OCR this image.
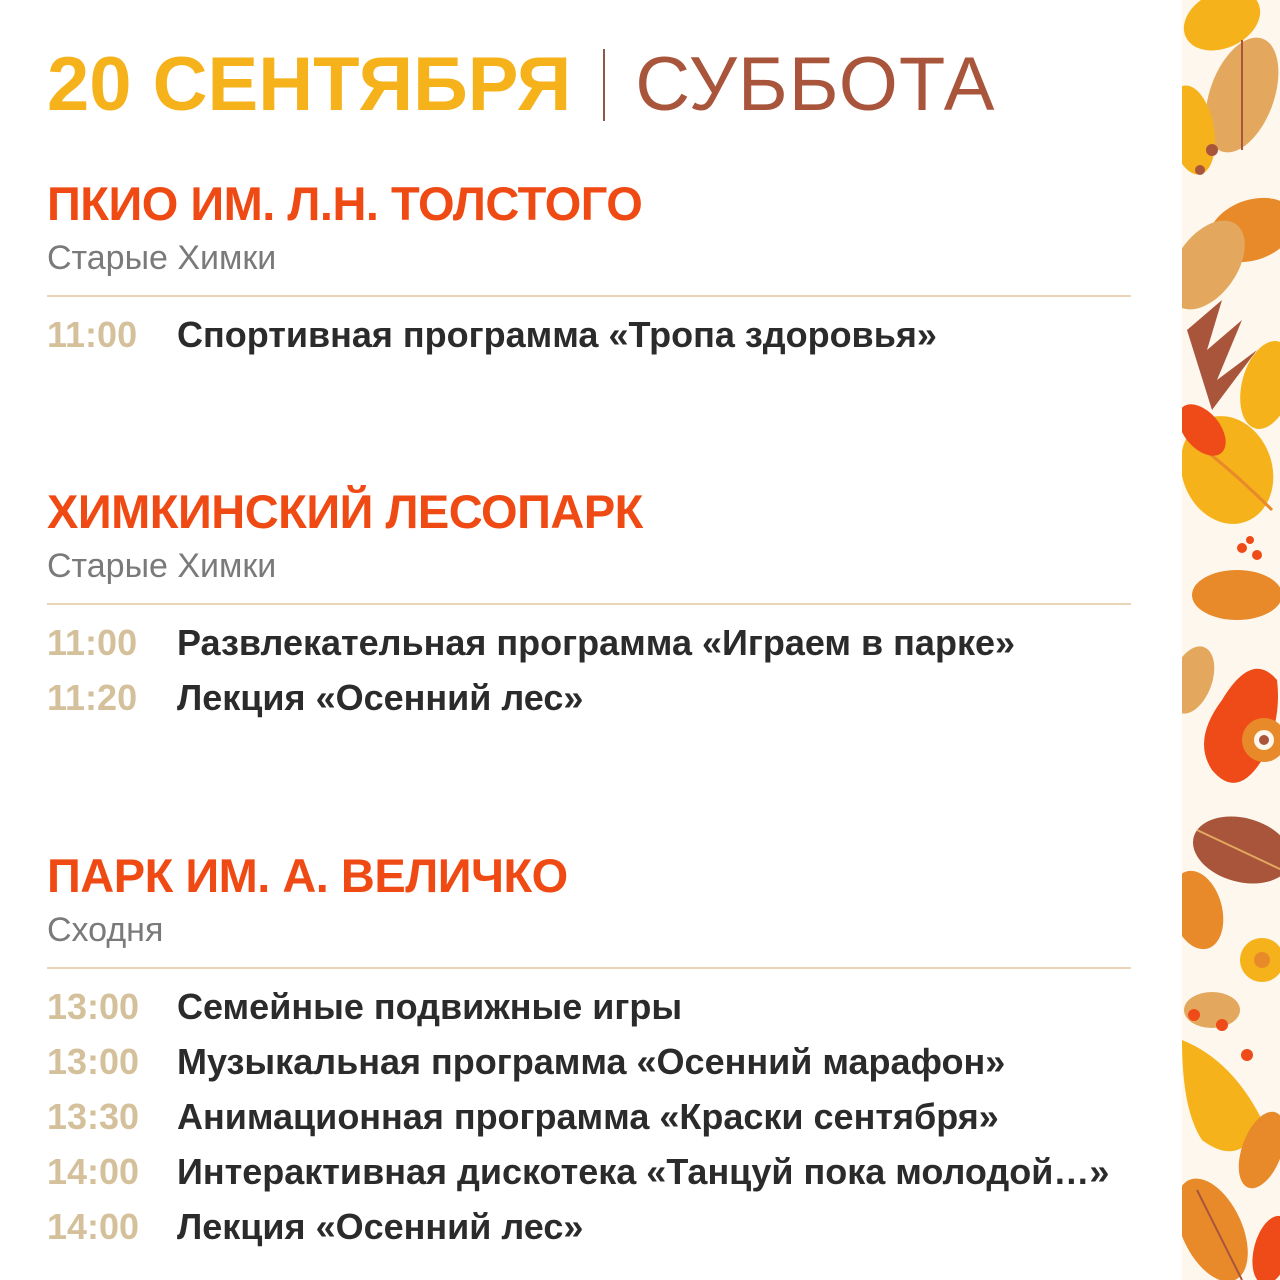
20 СЕНТЯБРЯ СУББОТА
ПКИО ИМ. Л.Н. ТОЛСТОГО
Старые Химки
11:00	Спортивная программа «Тропа здоровья»
ХИМКИНСКИЙ ЛЕСОПАРК
Старые Химки
11:00	Развлекательная программа «Играем в парке»
11:20	Лекция «Осенний лес»
ПАРК ИМ. А. ВЕЛИЧКО
Сходня
13:00	Семейные подвижные игры
13:00	Музыкальная программа «Осенний марафон»
13:30	Анимационная программа «Краски сентября»
14:00	Интерактивная дискотека «Танцуй пока молодой…»
14:00	Лекция «Осенний лес»
